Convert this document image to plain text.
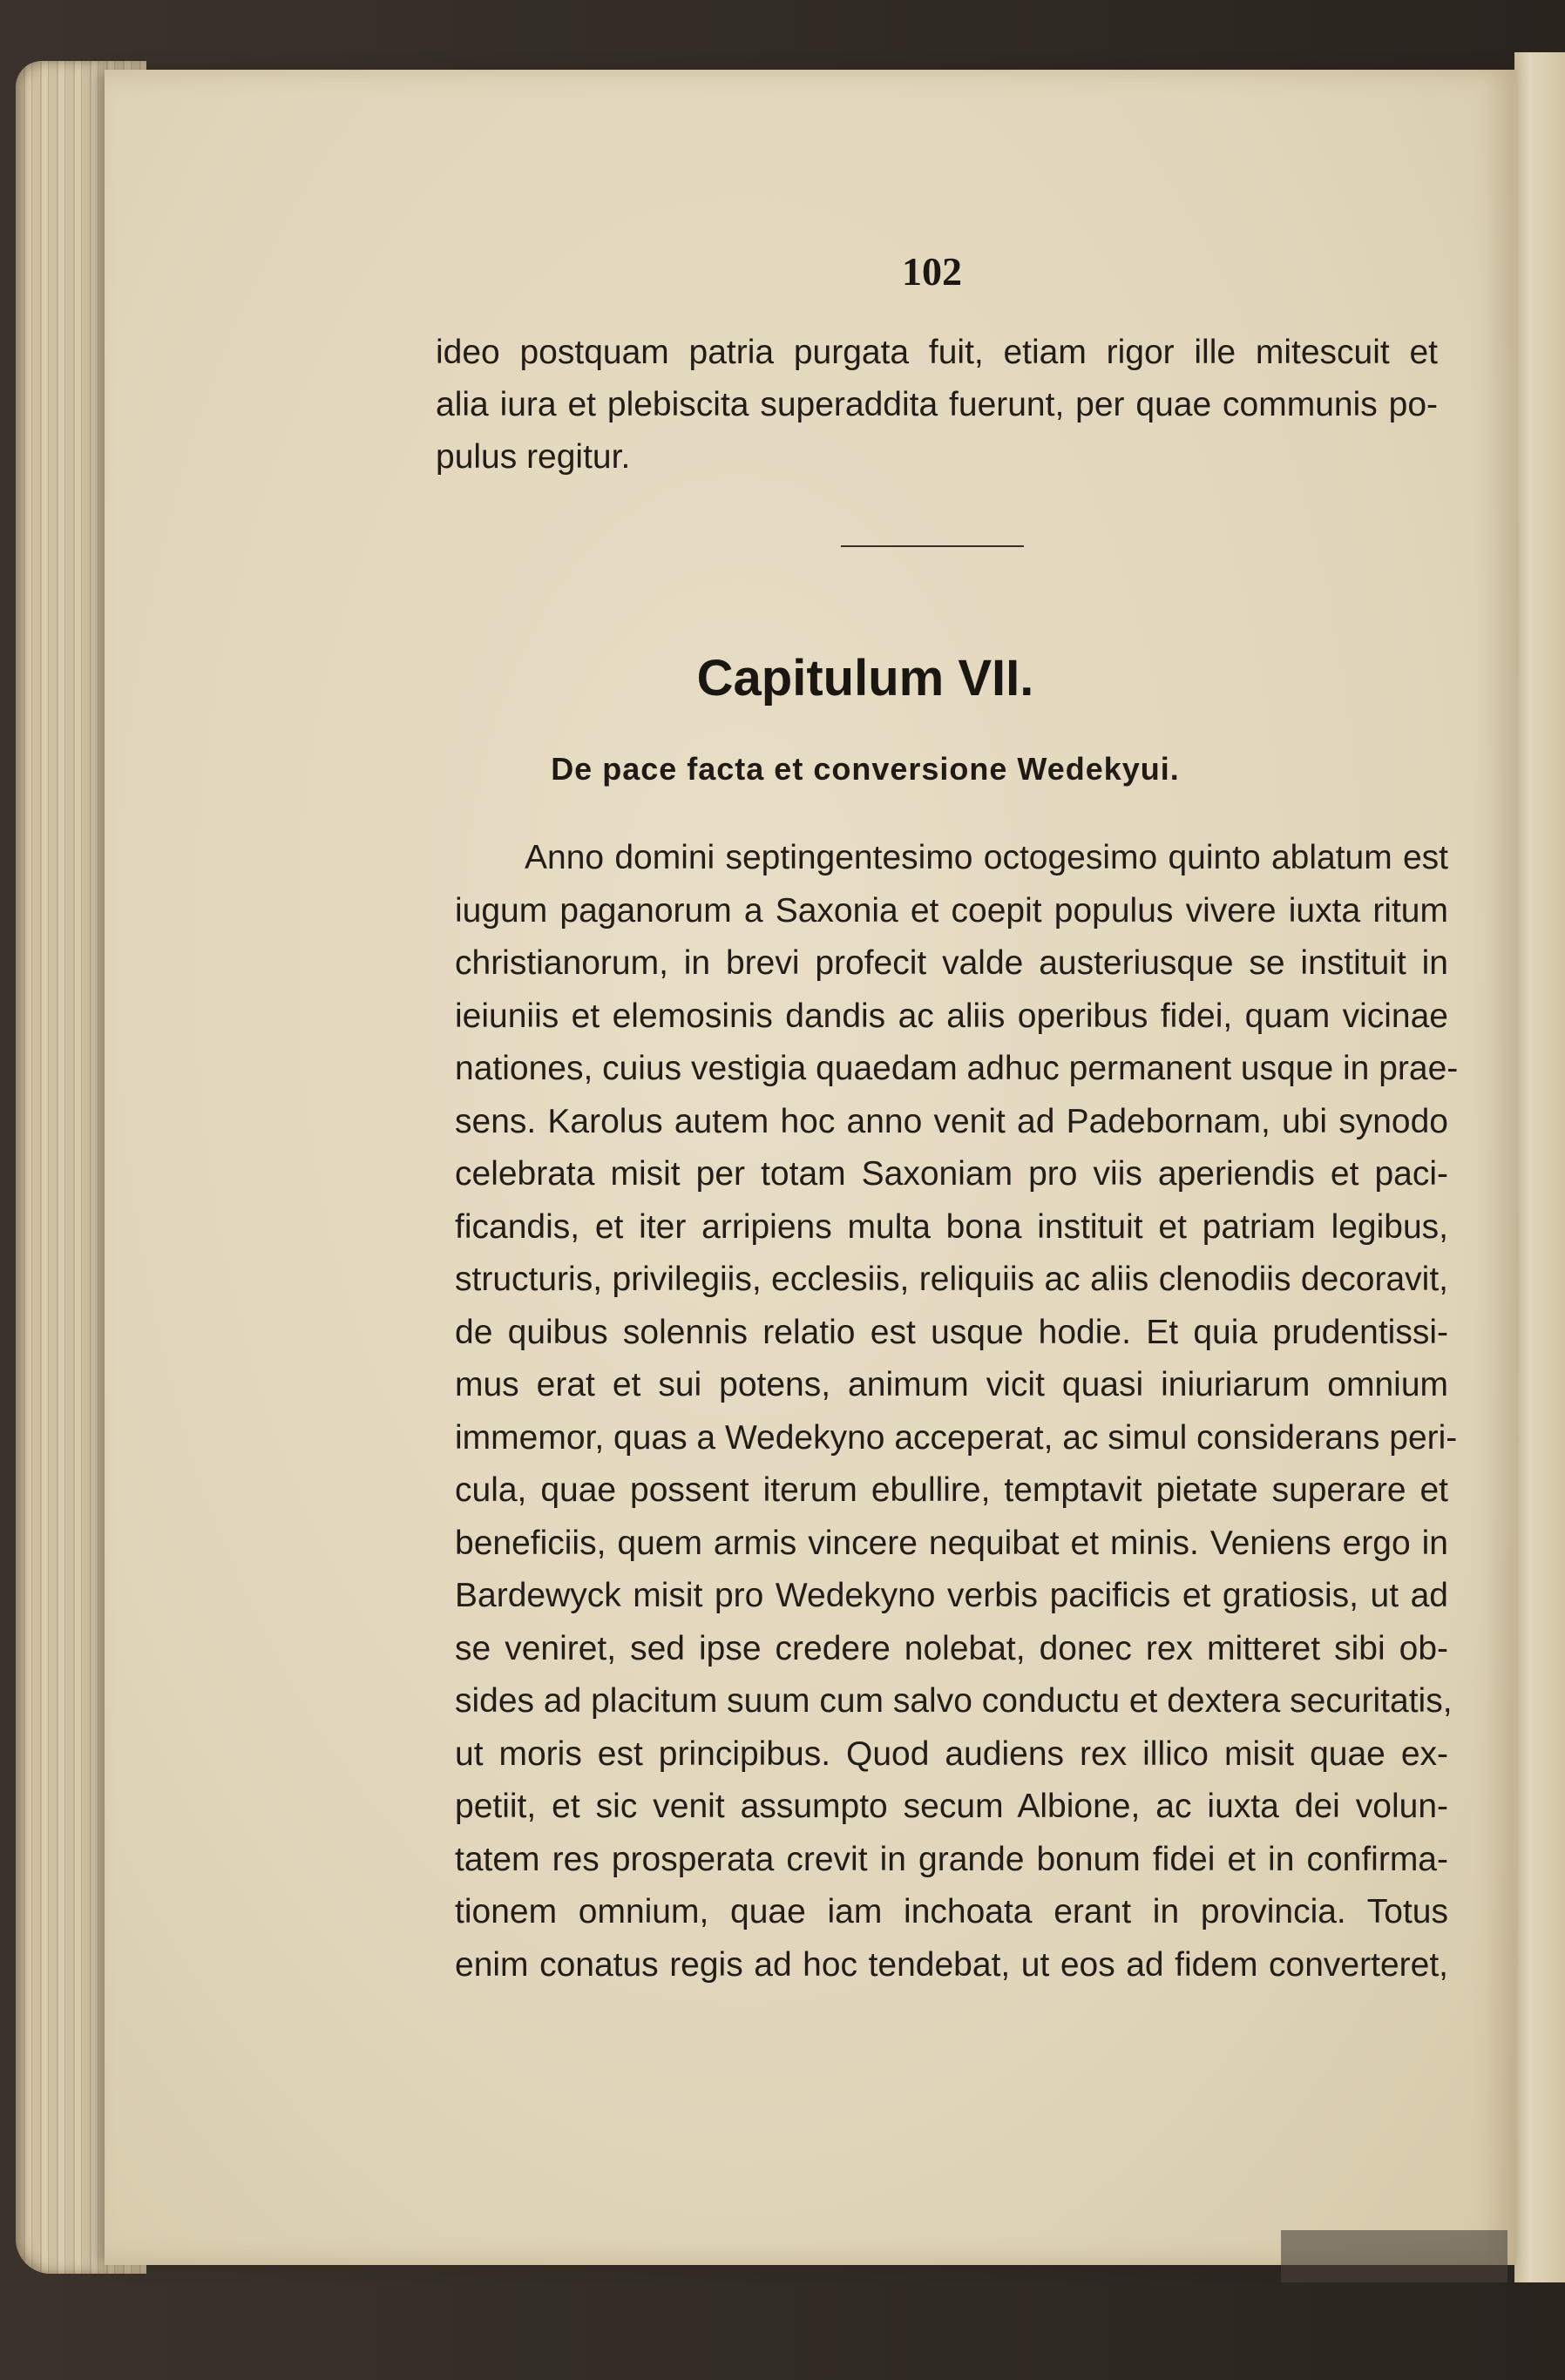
102
ideo postquam patria purgata fuit, etiam rigor ille mitescuit et
alia iura et plebiscita superaddita fuerunt, per quae communis po-
pulus regitur.
Capitulum VII.
De pace facta et conversione Wedekyui.
Anno domini septingentesimo octogesimo quinto ablatum est
iugum paganorum a Saxonia et coepit populus vivere iuxta ritum
christianorum, in brevi profecit valde austeriusque se instituit in
ieiuniis et elemosinis dandis ac aliis operibus fidei, quam vicinae
nationes, cuius vestigia quaedam adhuc permanent usque in prae-
sens. Karolus autem hoc anno venit ad Padebornam, ubi synodo
celebrata misit per totam Saxoniam pro viis aperiendis et paci-
ficandis, et iter arripiens multa bona instituit et patriam legibus,
structuris, privilegiis, ecclesiis, reliquiis ac aliis clenodiis decoravit,
de quibus solennis relatio est usque hodie. Et quia prudentissi-
mus erat et sui potens, animum vicit quasi iniuriarum omnium
immemor, quas a Wedekyno acceperat, ac simul considerans peri-
cula, quae possent iterum ebullire, temptavit pietate superare et
beneficiis, quem armis vincere nequibat et minis. Veniens ergo in
Bardewyck misit pro Wedekyno verbis pacificis et gratiosis, ut ad
se veniret, sed ipse credere nolebat, donec rex mitteret sibi ob-
sides ad placitum suum cum salvo conductu et dextera securitatis,
ut moris est principibus. Quod audiens rex illico misit quae ex-
petiit, et sic venit assumpto secum Albione, ac iuxta dei volun-
tatem res prosperata crevit in grande bonum fidei et in confirma-
tionem omnium, quae iam inchoata erant in provincia. Totus
enim conatus regis ad hoc tendebat, ut eos ad fidem converteret,
